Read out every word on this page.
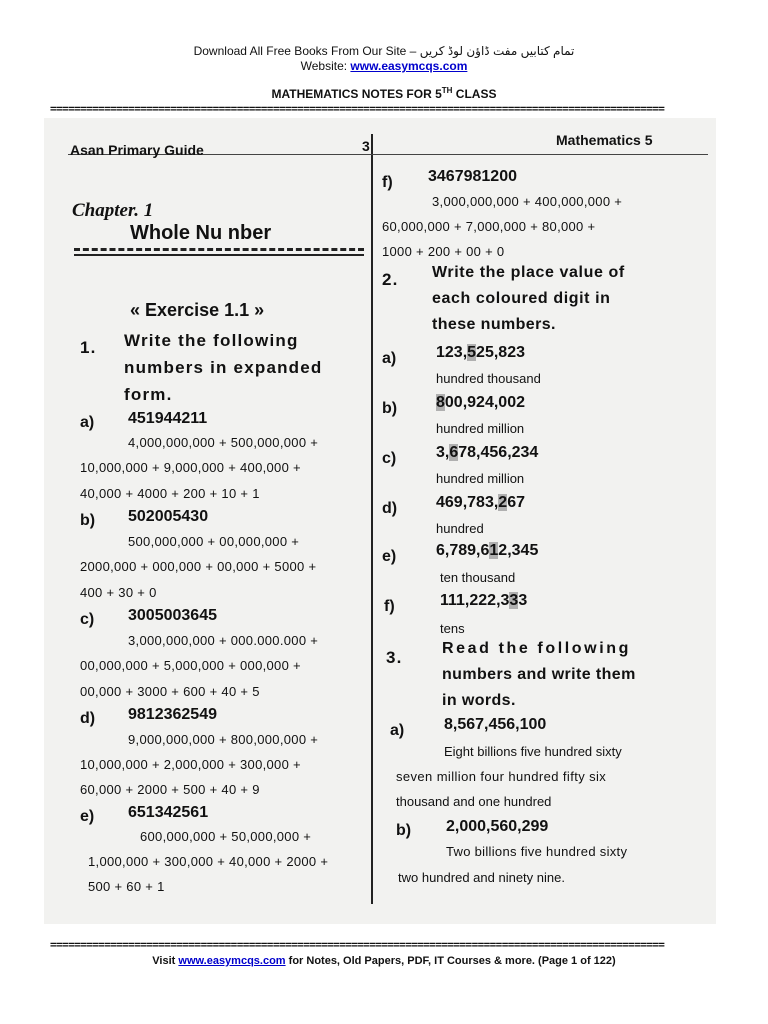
Download All Free Books From Our Site – تمام کتابیں مفت ڈاؤن لوڈ کریں
Website: www.easymcqs.com
MATHEMATICS NOTES FOR 5TH CLASS
======================================================================================================
Asan Primary Guide	3	Mathematics 5
Chapter. 1
Whole Nu nber
« Exercise 1.1 »
1. Write the following
numbers in expanded
form.
a) 451944211
4,000,000,000 + 500,000,000 +
10,000,000 + 9,000,000 + 400,000 +
40,000 + 4000 + 200 + 10 + 1
b) 502005430
500,000,000 + 00,000,000 +
2000,000 + 000,000 + 00,000 + 5000 +
400 + 30 + 0
c) 3005003645
3,000,000,000 + 000.000.000 +
00,000,000 + 5,000,000 + 000,000 +
00,000 + 3000 + 600 + 40 + 5
d) 9812362549
9,000,000,000 + 800,000,000 +
10,000,000 + 2,000,000 + 300,000 +
60,000 + 2000 + 500 + 40 + 9
e) 651342561
600,000,000 + 50,000,000 +
1,000,000 + 300,000 + 40,000 + 2000 +
500 + 60 + 1
f) 3467981200
3,000,000,000 + 400,000,000 +
60,000,000 + 7,000,000 + 80,000 +
1000 + 200 + 00 + 0
2. Write the place value of
each coloured digit in
these numbers.
a) 123,525,823
hundred thousand
b) 800,924,002
hundred million
c) 3,678,456,234
hundred million
d) 469,783,267
hundred
e) 6,789,612,345
ten thousand
f)	111,222,333
tens
3. Read the following
numbers and write them
in words.
a) 8,567,456,100
Eight billions five hundred sixty
seven million four hundred fifty six
thousand and one hundred
b) 2,000,560,299
Two billions five hundred sixty
two hundred and ninety nine.
======================================================================================================
Visit www.easymcqs.com for Notes, Old Papers, PDF, IT Courses & more. (Page 1 of 122)
